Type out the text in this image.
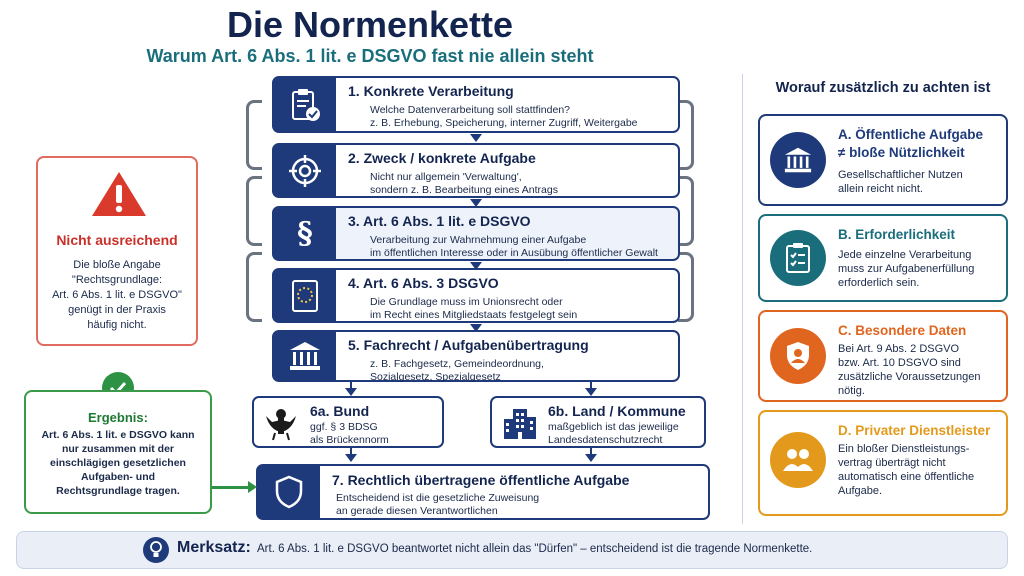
Die Normenkette
Warum Art. 6 Abs. 1 lit. e DSGVO fast nie allein steht
1. Konkrete Verarbeitung
Welche Datenverarbeitung soll stattfinden?
z. B. Erhebung, Speicherung, interner Zugriff, Weitergabe
2. Zweck / konkrete Aufgabe
Nicht nur allgemein 'Verwaltung',
sondern z. B. Bearbeitung eines Antrags
§	3. Art. 6 Abs. 1 lit. e DSGVO
Verarbeitung zur Wahrnehmung einer Aufgabe
im öffentlichen Interesse oder in Ausübung öffentlicher Gewalt
4. Art. 6 Abs. 3 DSGVO
Die Grundlage muss im Unionsrecht oder
im Recht eines Mitgliedstaats festgelegt sein
5. Fachrecht / Aufgabenübertragung
z. B. Fachgesetz, Gemeindeordnung,
Sozialgesetz, Spezialgesetz
6a. Bund
ggf. § 3 BDSG
als Brückennorm
6b. Land / Kommune
maßgeblich ist das jeweilige
Landesdatenschutzrecht
7. Rechtlich übertragene öffentliche Aufgabe
Entscheidend ist die gesetzliche Zuweisung
an gerade diesen Verantwortlichen
Nicht ausreichend
Die bloße Angabe
"Rechtsgrundlage:
Art. 6 Abs. 1 lit. e DSGVO"
genügt in der Praxis
häufig nicht.
Ergebnis:
Art. 6 Abs. 1 lit. e DSGVO kann
nur zusammen mit der
einschlägigen gesetzlichen
Aufgaben- und
Rechtsgrundlage tragen.
Worauf zusätzlich zu achten ist
A. Öffentliche Aufgabe
≠ bloße Nützlichkeit
Gesellschaftlicher Nutzen
allein reicht nicht.
B. Erforderlichkeit
Jede einzelne Verarbeitung
muss zur Aufgabenerfüllung
erforderlich sein.
C. Besondere Daten
Bei Art. 9 Abs. 2 DSGVO
bzw. Art. 10 DSGVO sind
zusätzliche Voraussetzungen
nötig.
D. Privater Dienstleister
Ein bloßer Dienstleistungs-
vertrag überträgt nicht
automatisch eine öffentliche
Aufgabe.
Merksatz: Art. 6 Abs. 1 lit. e DSGVO beantwortet nicht allein das "Dürfen" – entscheidend ist die tragende Normenkette.
